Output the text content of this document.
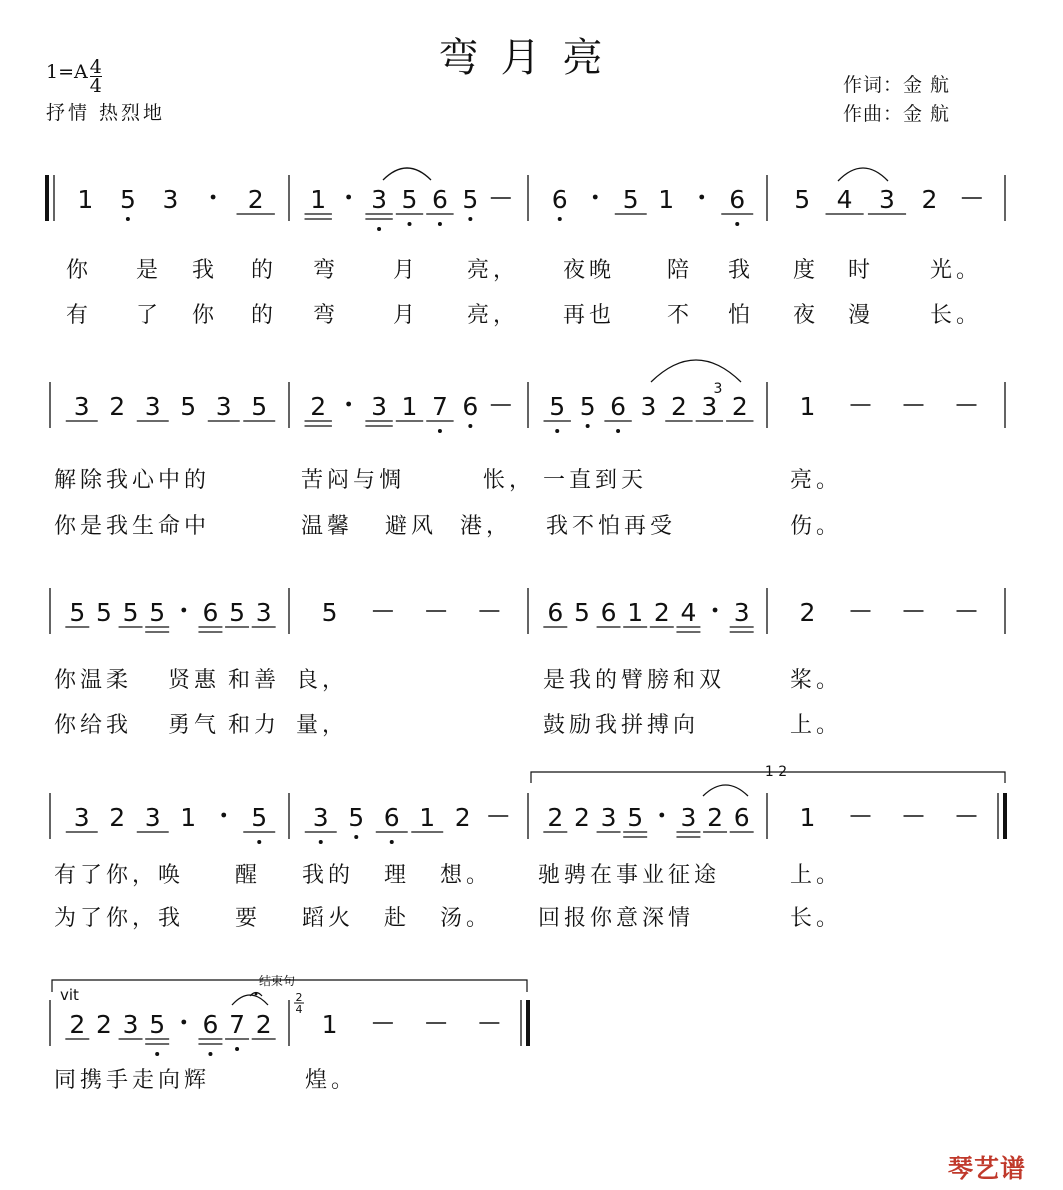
弯月亮
$1=A \frac{4}{4}$
抒情 热烈地
作词：金 航
作曲：金 航
1 5 3	2 1 3 5 6 5	6 5 1 6 5 4 3 2
你 是 我 的 弯 月 亮， 夜晚 陪 我 度 时	光。
有 了 你 的 弯 月 亮， 再也 不 怕 夜 漫	长。
3 2 3 5 3 5 2 3 1 7 6	5 5 6 3 2 3 2 1
解除我心中的	苦闷与惆	怅， 一直到天	亮。
你是我生命中	温馨 避风 港， 我不怕再受	伤。
5 5 5 5 6 5 3 5	6 5 6 1 2 4 3 2
你温柔 贤惠 和善 良，	是我的臂膀和双	桨。
你给我 勇气 和力 量，	鼓励我拼搏向	上。
3 2 3 1 5 3 5 6 1 2	2 2 3 5 3 2 6 1
有了你，唤 醒 我的 理 想。 驰骋在事业征途	上。
为了你，我 要 蹈火 赴 汤。 回报你意深情	长。
1 2
2 2 3 5 6 7 2 1
同携手走向辉	煌。
结束句
vit	2
4
3
琴艺谱
